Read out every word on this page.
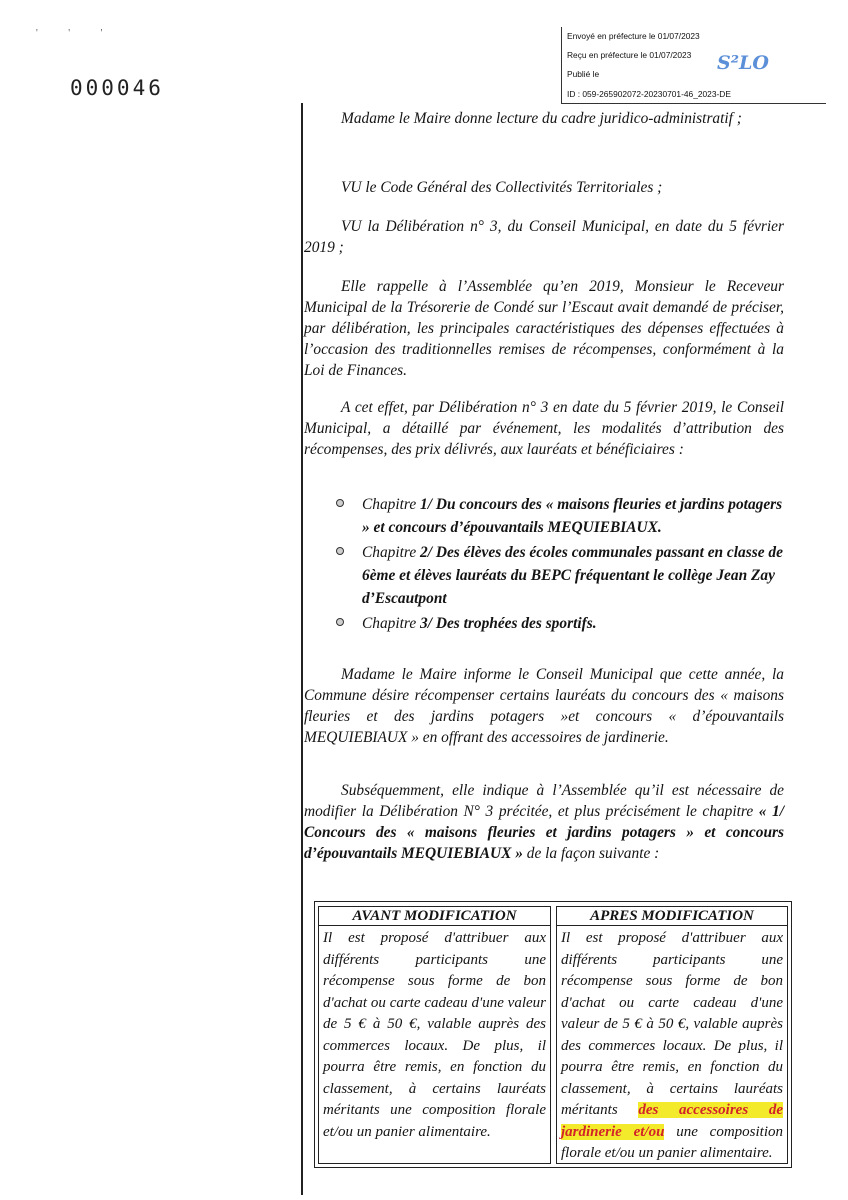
' ' '
000046
Envoyé en préfecture le 01/07/2023
Reçu en préfecture le 01/07/2023
Publié le
ID : 059-265902072-20230701-46_2023-DE
S²LO
Madame le Maire donne lecture du cadre juridico-administratif ;
VU le Code Général des Collectivités Territoriales ;
VU la Délibération n° 3, du Conseil Municipal, en date du 5 février 2019 ;
Elle rappelle à l’Assemblée qu’en 2019, Monsieur le Receveur Municipal de la Trésorerie de Condé sur l’Escaut avait demandé de préciser, par délibération, les principales caractéristiques des dépenses effectuées à l’occasion des traditionnelles remises de récompenses, conformément à la Loi de Finances.
A cet effet, par Délibération n° 3 en date du 5 février 2019, le Conseil Municipal, a détaillé par événement, les modalités d’attribution des récompenses, des prix délivrés, aux lauréats et bénéficiaires :
Chapitre 1/ Du concours des « maisons fleuries et jardins potagers » et concours d’épouvantails MEQUIEBIAUX.
Chapitre 2/ Des élèves des écoles communales passant en classe de 6ème et élèves lauréats du BEPC fréquentant le collège Jean Zay d’Escautpont
Chapitre 3/ Des trophées des sportifs.
Madame le Maire informe le Conseil Municipal que cette année, la Commune désire récompenser certains lauréats du concours des « maisons fleuries et des jardins potagers »et concours « d’épouvantails MEQUIEBIAUX » en offrant des accessoires de jardinerie.
Subséquemment, elle indique à l’Assemblée qu’il est nécessaire de modifier la Délibération N° 3 précitée, et plus précisément le chapitre « 1/ Concours des « maisons fleuries et jardins potagers » et concours d’épouvantails MEQUIEBIAUX » de la façon suivante :
AVANT MODIFICATION
Il est proposé d'attribuer aux différents participants une récompense sous forme de bon d'achat ou carte cadeau d'une valeur de 5 € à 50 €, valable auprès des commerces locaux. De plus, il pourra être remis, en fonction du classement, à certains lauréats méritants une composition florale et/ou un panier alimentaire.
APRES MODIFICATION
Il est proposé d'attribuer aux différents participants une récompense sous forme de bon d'achat ou carte cadeau d'une valeur de 5 € à 50 €, valable auprès des commerces locaux. De plus, il pourra être remis, en fonction du classement, à certains lauréats méritants des accessoires de jardinerie et/ou une composition florale et/ou un panier alimentaire.
